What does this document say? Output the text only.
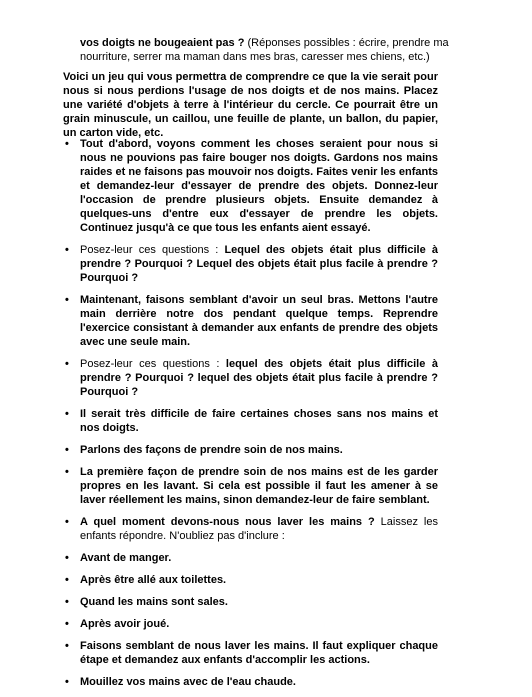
vos doigts ne bougeaient pas ? (Réponses possibles : écrire, prendre ma nourriture, serrer ma maman dans mes bras, caresser mes chiens, etc.)
Voici un jeu qui vous permettra de comprendre ce que la vie serait pour nous si nous perdions l'usage de nos doigts et de nos mains. Placez une variété d'objets à terre à l'intérieur du cercle. Ce pourrait être un grain minuscule, un caillou, une feuille de plante, un ballon, du papier, un carton vide, etc.
• Tout d'abord, voyons comment les choses seraient pour nous si nous ne pouvions pas faire bouger nos doigts. Gardons nos mains raides et ne faisons pas mouvoir nos doigts. Faites venir les enfants et demandez-leur d'essayer de prendre des objets. Donnez-leur l'occasion de prendre plusieurs objets. Ensuite demandez à quelques-uns d'entre eux d'essayer de prendre les objets. Continuez jusqu'à ce que tous les enfants aient essayé.
• Posez-leur ces questions : Lequel des objets était plus difficile à prendre ? Pourquoi ? Lequel des objets était plus facile à prendre ? Pourquoi ?
• Maintenant, faisons semblant d'avoir un seul bras. Mettons l'autre main derrière notre dos pendant quelque temps. Reprendre l'exercice consistant à demander aux enfants de prendre des objets avec une seule main.
• Posez-leur ces questions : lequel des objets était plus difficile à prendre ? Pourquoi ? lequel des objets était plus facile à prendre ? Pourquoi ?
• Il serait très difficile de faire certaines choses sans nos mains et nos doigts.
• Parlons des façons de prendre soin de nos mains.
• La première façon de prendre soin de nos mains est de les garder propres en les lavant. Si cela est possible il faut les amener à se laver réellement les mains, sinon demandez-leur de faire semblant.
• A quel moment devons-nous nous laver les mains ? Laissez les enfants répondre. N'oubliez pas d'inclure :
• Avant de manger.
• Après être allé aux toilettes.
• Quand les mains sont sales.
• Après avoir joué.
• Faisons semblant de nous laver les mains. Il faut expliquer chaque étape et demandez aux enfants d'accomplir les actions.
• Mouillez vos mains avec de l'eau chaude.
